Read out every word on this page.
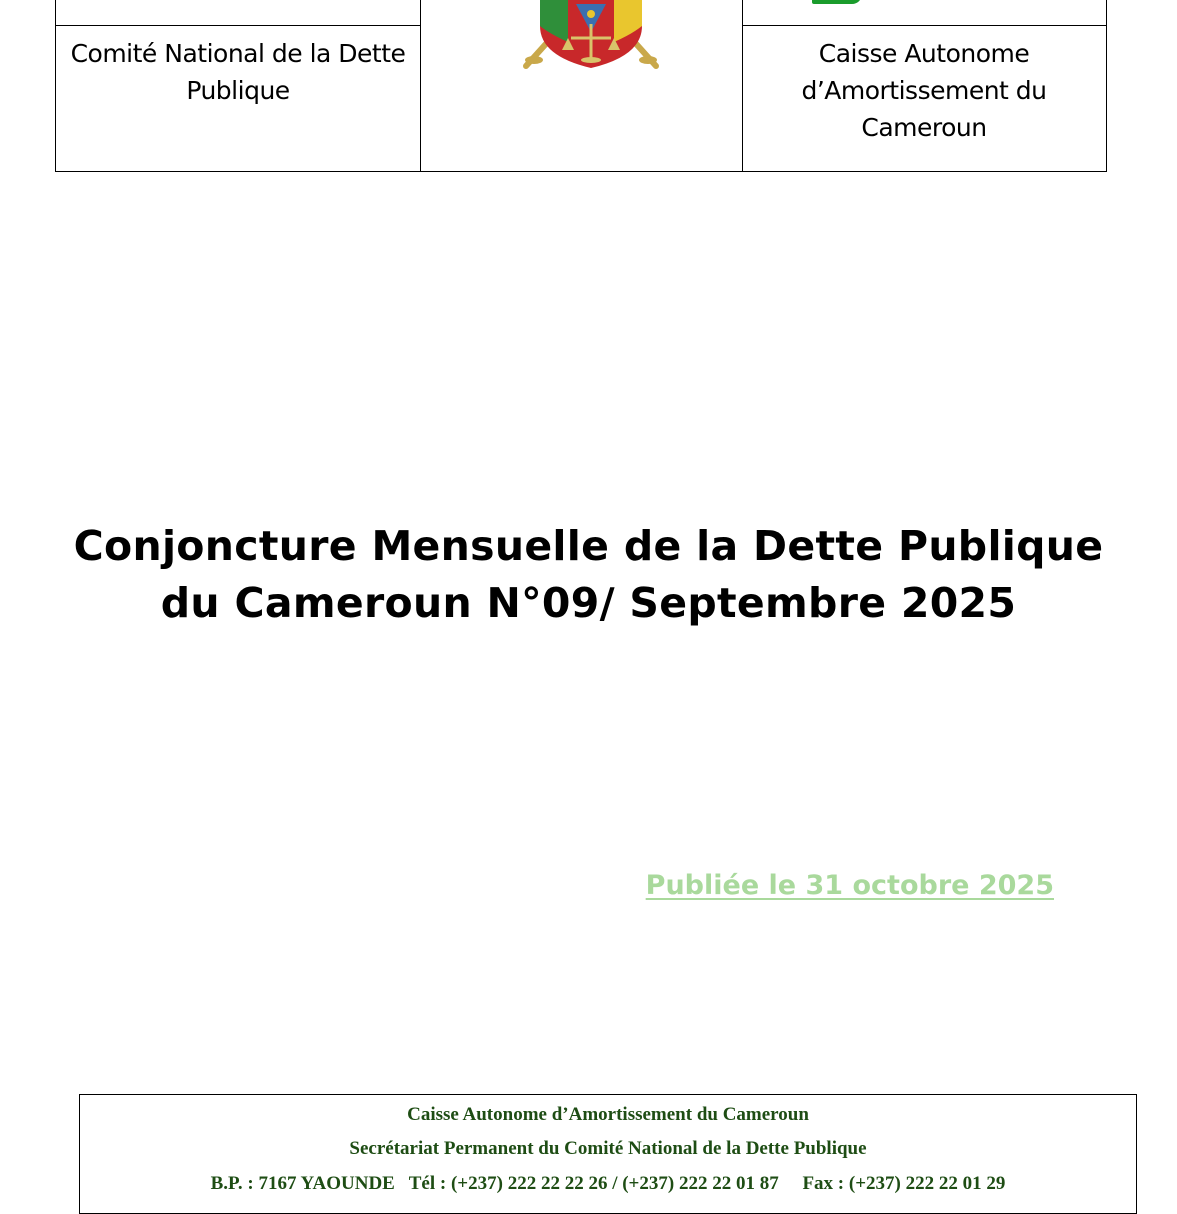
Comité National de la Dette Publique
Caisse Autonome d’Amortissement du Cameroun
Conjoncture Mensuelle de la Dette Publique
du Cameroun N°09/ Septembre 2025
Publiée le 31 octobre 2025
Caisse Autonome d’Amortissement du Cameroun
Secrétariat Permanent du Comité National de la Dette Publique
B.P. : 7167 YAOUNDE   Tél : (+237) 222 22 22 26 / (+237) 222 22 01 87     Fax : (+237) 222 22 01 29
